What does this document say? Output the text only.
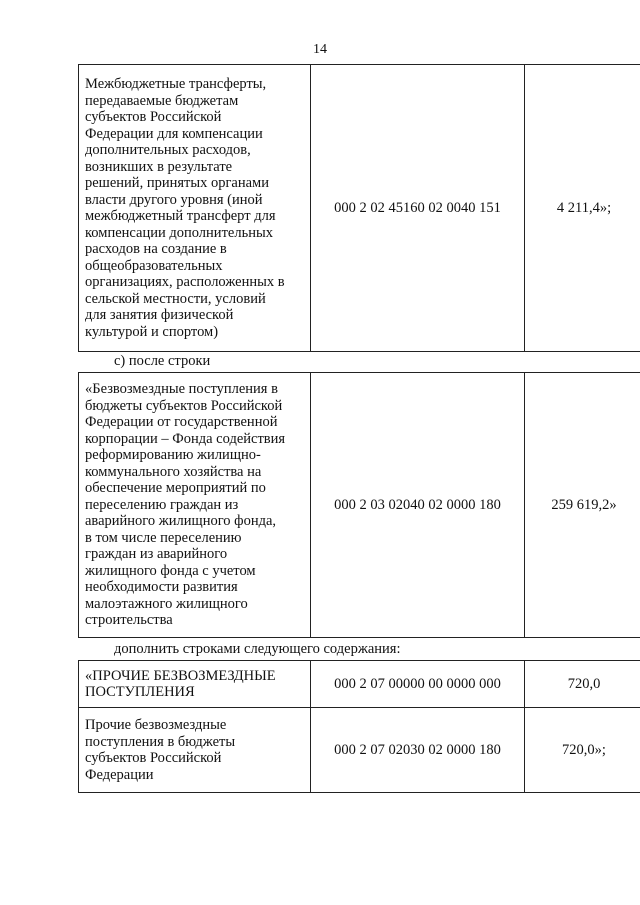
14
Межбюджетные трансферты,
передаваемые бюджетам
субъектов Российской
Федерации для компенсации
дополнительных расходов,
возникших в результате
решений, принятых органами
власти другого уровня (иной
межбюджетный трансферт для
компенсации дополнительных
расходов на создание в
общеобразовательных
организациях, расположенных в
сельской местности, условий
для занятия физической
культурой и спортом)
	000 2 02 45160 02 0040 151	4 211,4»;
с) после строки
«Безвозмездные поступления в
бюджеты субъектов Российской
Федерации от государственной
корпорации – Фонда содействия
реформированию жилищно-
коммунального хозяйства на
обеспечение мероприятий по
переселению граждан из
аварийного жилищного фонда,
в том числе переселению
граждан из аварийного
жилищного фонда с учетом
необходимости развития
малоэтажного жилищного
строительства
	000 2 03 02040 02 0000 180	259 619,2»
дополнить строками следующего содержания:
«ПРОЧИЕ БЕЗВОЗМЕЗДНЫЕ
ПОСТУПЛЕНИЯ	000 2 07 00000 00 0000 000	720,0

Прочие безвозмездные
поступления в бюджеты
субъектов Российской
Федерации	000 2 07 02030 02 0000 180	720,0»;
